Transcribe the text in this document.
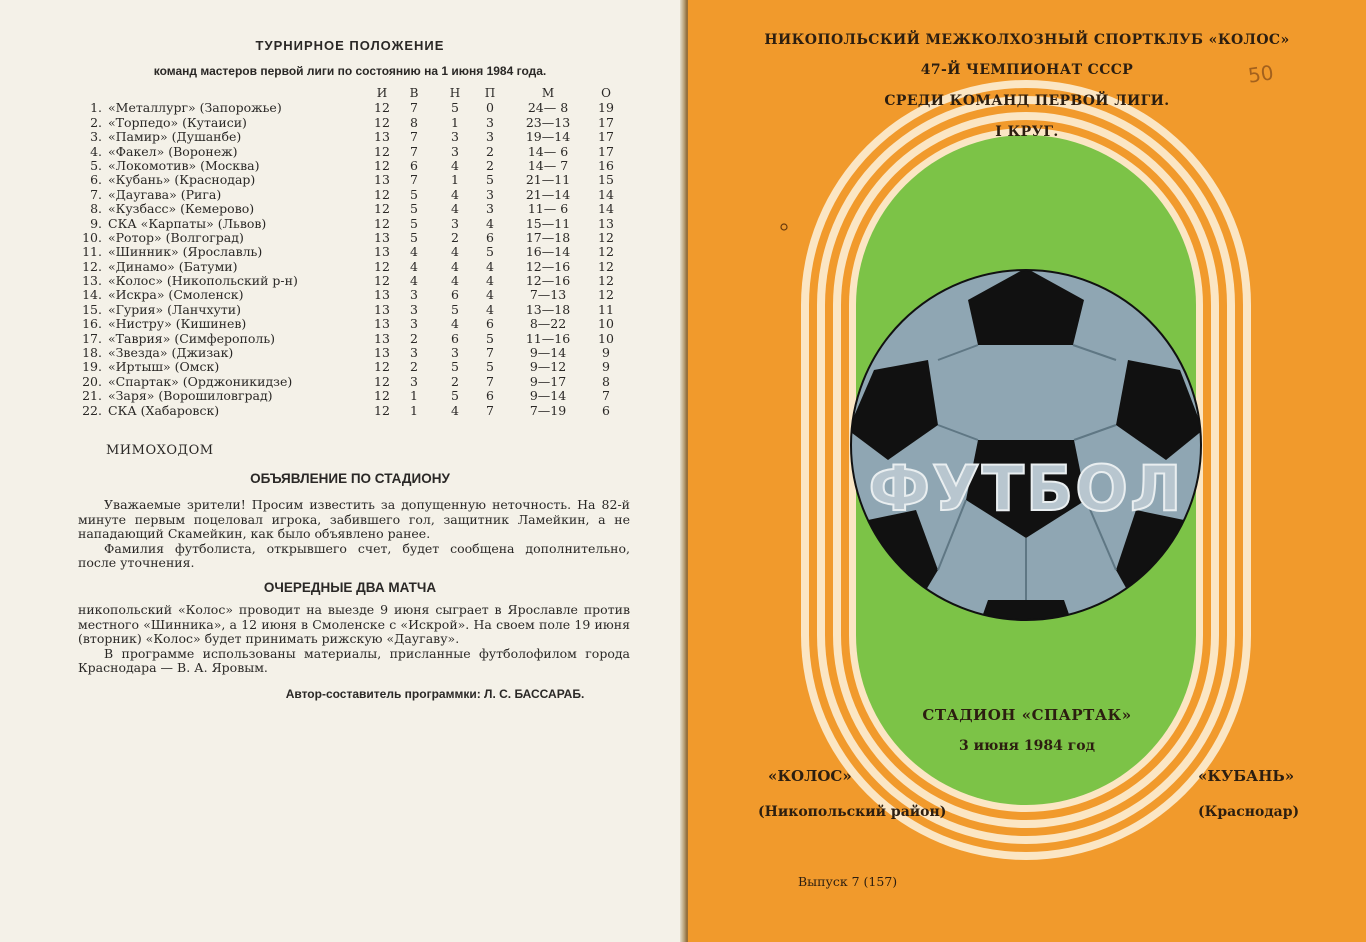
ТУРНИРНОЕ ПОЛОЖЕНИЕ
команд мастеров первой лиги по состоянию на 1 июня 1984 года.
И	В	Н	П	М	О
1. «Металлург» (Запорожье)	12	7	5	0	24— 8	19
2. «Торпедо» (Кутаиси)	12	8	1	3	23—13	17
3. «Памир» (Душанбе)	13	7	3	3	19—14	17
4. «Факел» (Воронеж)	12	7	3	2	14— 6	17
5. «Локомотив» (Москва)	12	6	4	2	14— 7	16
6. «Кубань» (Краснодар)	13	7	1	5	21—11	15
7. «Даугава» (Рига)	12	5	4	3	21—14	14
8. «Кузбасс» (Кемерово)	12	5	4	3	11— 6	14
9. СКА «Карпаты» (Львов)	12	5	3	4	15—11	13
10. «Ротор» (Волгоград)	13	5	2	6	17—18	12
11. «Шинник» (Ярославль)	13	4	4	5	16—14	12
12. «Динамо» (Батуми)	12	4	4	4	12—16	12
13. «Колос» (Никопольский р-н)	12	4	4	4	12—16	12
14. «Искра» (Смоленск)	13	3	6	4	7—13	12
15. «Гурия» (Ланчхути)	13	3	5	4	13—18	11
16. «Нистру» (Кишинев)	13	3	4	6	8—22	10
17. «Таврия» (Симферополь)	13	2	6	5	11—16	10
18. «Звезда» (Джизак)	13	3	3	7	9—14	9
19. «Иртыш» (Омск)	12	2	5	5	9—12	9
20. «Спартак» (Орджоникидзе)	12	3	2	7	9—17	8
21. «Заря» (Ворошиловград)	12	1	5	6	9—14	7
22. СКА (Хабаровск)	12	1	4	7	7—19	6
МИМОХОДОМ
ОБЪЯВЛЕНИЕ ПО СТАДИОНУ

Уважаемые зрители! Просим известить за допущенную неточность. На 82-й минуте первым поцеловал игрока, забившего гол, защитник Ламейкин, а не нападающий Скамейкин, как было объявлено ранее.

Фамилия футболиста, открывшего счет, будет сообщена дополнительно, после уточнения.

ОЧЕРЕДНЫЕ ДВА МАТЧА

никопольский «Колос» проводит на выезде 9 июня сыграет в Ярославле против местного «Шинника», а 12 июня в Смоленске с «Искрой». На своем поле 19 июня (вторник) «Колос» будет принимать рижскую «Даугаву».

В программе использованы материалы, присланные футболофилом города Краснодара — В. А. Яровым.

Автор-составитель программки: Л. С. БАССАРАБ.
ФУТБОЛ
НИКОПОЛЬСКИЙ МЕЖКОЛХОЗНЫЙ СПОРТКЛУБ «КОЛОС»
47-Й ЧЕМПИОНАТ СССР
СРЕДИ КОМАНД ПЕРВОЙ ЛИГИ.
I КРУГ.
50
СТАДИОН «СПАРТАК»
3 июня 1984 год
«КОЛОС»
(Никопольский район)
«КУБАНЬ»
(Краснодар)
Выпуск 7 (157)
